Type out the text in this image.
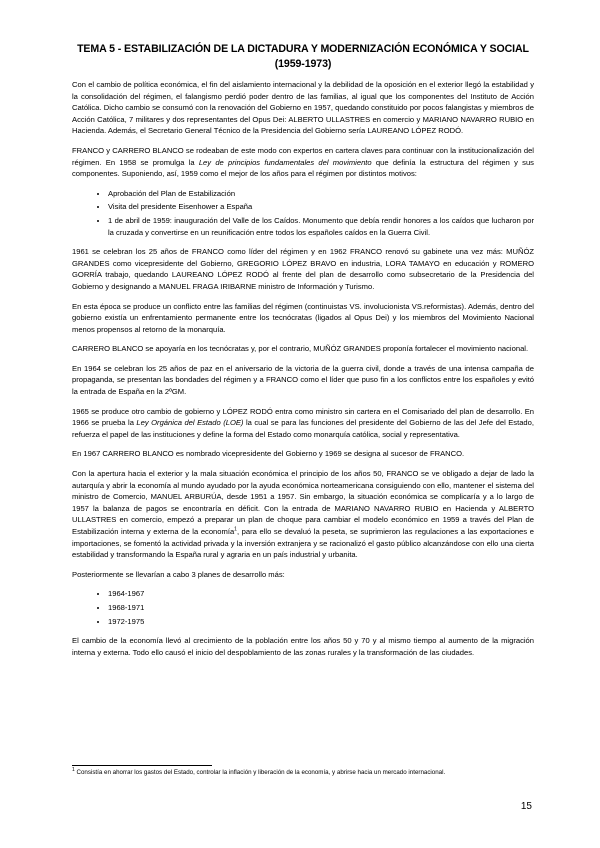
TEMA 5 - ESTABILIZACIÓN DE LA DICTADURA Y MODERNIZACIÓN ECONÓMICA Y SOCIAL
(1959-1973)

Con el cambio de política económica, el fin del aislamiento internacional y la debilidad de la oposición en el exterior llegó la estabilidad y la consolidación del régimen, el falangismo perdió poder dentro de las familias, al igual que los componentes del Instituto de Acción Católica. Dicho cambio se consumó con la renovación del Gobierno en 1957, quedando constituido por pocos falangistas y miembros de Acción Católica, 7 militares y dos representantes del Opus Dei: ALBERTO ULLASTRES en comercio y MARIANO NAVARRO RUBIO en Hacienda. Además, el Secretario General Técnico de la Presidencia del Gobierno sería LAUREANO LÓPEZ RODÓ.

FRANCO y CARRERO BLANCO se rodeaban de este modo con expertos en cartera claves para continuar con la institucionalización del régimen. En 1958 se promulga la Ley de principios fundamentales del movimiento que definía la estructura del régimen y sus componentes. Suponiendo, así, 1959 como el mejor de los años para el régimen por distintos motivos:

• Aprobación del Plan de Estabilización
• Visita del presidente Eisenhower a España
• 1 de abril de 1959: inauguración del Valle de los Caídos. Monumento que debía rendir honores a los caídos que lucharon por la cruzada y convertirse en un reunificación entre todos los españoles caídos en la Guerra Civil.

1961 se celebran los 25 años de FRANCO como líder del régimen y en 1962 FRANCO renovó su gabinete una vez más: MUÑÓZ GRANDES como vicepresidente del Gobierno, GREGORIO LÓPEZ BRAVO en industria, LORA TAMAYO en educación y ROMERO GORRÍA trabajo, quedando LAUREANO LÓPEZ RODÓ al frente del plan de desarrollo como subsecretario de la Presidencia del Gobierno y designando a MANUEL FRAGA IRIBARNE ministro de Información y Turismo.

En esta época se produce un conflicto entre las familias del régimen (continuistas VS. involucionista VS.reformistas). Además, dentro del gobierno existía un enfrentamiento permanente entre los tecnócratas (ligados al Opus Dei) y los miembros del Movimiento Nacional menos propensos al retorno de la monarquía.

CARRERO BLANCO se apoyaría en los tecnócratas y, por el contrario, MUÑÓZ GRANDES proponía fortalecer el movimiento nacional.

En 1964 se celebran los 25 años de paz en el aniversario de la victoria de la guerra civil, donde a través de una intensa campaña de propaganda, se presentan las bondades del régimen y a FRANCO como el líder que puso fin a los conflictos entre los españoles y evitó la entrada de España en la 2ºGM.

1965 se produce otro cambio de gobierno y LÓPEZ RODÓ entra como ministro sin cartera en el Comisariado del plan de desarrollo. En 1966 se prueba la Ley Orgánica del Estado (LOE) la cual se para las funciones del presidente del Gobierno de las del Jefe del Estado, refuerza el papel de las instituciones y define la forma del Estado como monarquía católica, social y representativa.

En 1967 CARRERO BLANCO es nombrado vicepresidente del Gobierno y 1969 se designa al sucesor de FRANCO.

Con la apertura hacia el exterior y la mala situación económica el principio de los años 50, FRANCO se ve obligado a dejar de lado la autarquía y abrir la economía al mundo ayudado por la ayuda económica norteamericana consiguiendo con ello, mantener el sistema del ministro de Comercio, MANUEL ARBURÚA, desde 1951 a 1957. Sin embargo, la situación económica se complicaría y a lo largo de 1957 la balanza de pagos se encontraría en déficit. Con la entrada de MARIANO NAVARRO RUBIO en Hacienda y ALBERTO ULLASTRES en comercio, empezó a preparar un plan de choque para cambiar el modelo económico en 1959 a través del Plan de Estabilización interna y externa de la economía$^1$, para ello se devaluó la peseta, se suprimieron las regulaciones a las exportaciones e importaciones, se fomentó la actividad privada y la inversión extranjera y se racionalizó el gasto público alcanzándose con ello una cierta estabilidad y transformando la España rural y agraria en un país industrial y urbanita.

Posteriormente se llevarían a cabo 3 planes de desarrollo más:

• 1964-1967
• 1968-1971
• 1972-1975

El cambio de la economía llevó al crecimiento de la población entre los años 50 y 70 y al mismo tiempo al aumento de la migración interna y externa. Todo ello causó el inicio del despoblamiento de las zonas rurales y la transformación de las ciudades.

$^1$ Consistía en ahorrar los gastos del Estado, controlar la inflación y liberación de la economía, y abrirse hacia un mercado internacional.
15
